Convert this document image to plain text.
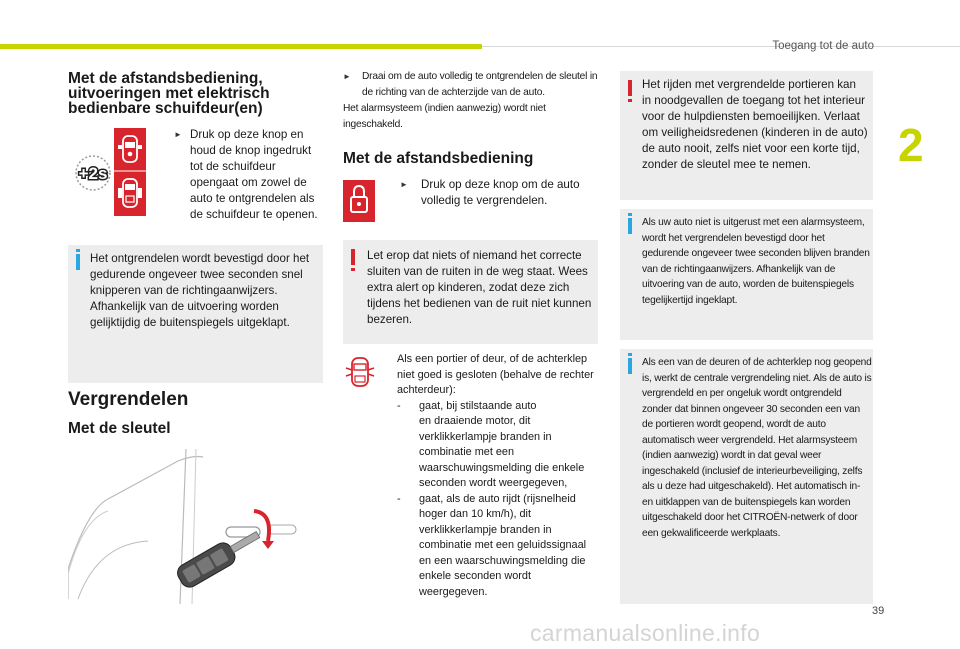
Toegang tot de auto
2
Met de afstandsbediening, uitvoeringen met elektrisch bedienbare schuifdeur(en)
+2s
► Druk op deze knop en houd de knop ingedrukt tot de schuifdeur opengaat om zowel de auto te ontgrendelen als de schuifdeur te openen.
Het ontgrendelen wordt bevestigd door het gedurende ongeveer twee seconden snel knipperen van de richtingaanwijzers. Afhankelijk van de uitvoering worden gelijktijdig de buitenspiegels uitgeklapt.
Vergrendelen
Met de sleutel
►	Draai om de auto volledig te ontgrendelen de sleutel in de richting van de achterzijde van de auto.
Het alarmsysteem (indien aanwezig) wordt niet ingeschakeld.
Met de afstandsbediening
►	Druk op deze knop om de auto volledig te vergrendelen.
Let erop dat niets of niemand het correcte sluiten van de ruiten in de weg staat. Wees extra alert op kinderen, zodat deze zich tijdens het bedienen van de ruit niet kunnen bezeren.
Als een portier of deur, of de achterklep niet goed is gesloten (behalve de rechter achterdeur):
- gaat, bij stilstaande auto
en draaiende motor, dit verklikkerlampje branden in combinatie met een waarschuwingsmelding die enkele seconden wordt weergegeven,
- gaat, als de auto rijdt (rijsnelheid
hoger dan 10 km/h), dit verklikkerlampje branden in combinatie met een geluidssignaal en een waarschuwingsmelding die enkele seconden wordt weergegeven.
Het rijden met vergrendelde portieren kan in noodgevallen de toegang tot het interieur voor de hulpdiensten bemoeilijken. Verlaat om veiligheidsredenen (kinderen in de auto) de auto nooit, zelfs niet voor een korte tijd, zonder de sleutel mee te nemen.
Als uw auto niet is uitgerust met een alarmsysteem, wordt het vergrendelen bevestigd door het gedurende ongeveer twee seconden blijven branden van de richtingaanwijzers. Afhankelijk van de uitvoering van de auto, worden de buitenspiegels tegelijkertijd ingeklapt.
Als een van de deuren of de achterklep nog geopend is, werkt de centrale vergrendeling niet. Als de auto is vergrendeld en per ongeluk wordt ontgrendeld zonder dat binnen ongeveer 30 seconden een van de portieren wordt geopend, wordt de auto automatisch weer vergrendeld. Het alarmsysteem (indien aanwezig) wordt in dat geval weer ingeschakeld (inclusief de interieurbeveiliging, zelfs als u deze had uitgeschakeld). Het automatisch in- en uitklappen van de buitenspiegels kan worden uitgeschakeld door het CITROËN-netwerk of door een gekwalificeerde werkplaats.
39
carmanualsonline.info
